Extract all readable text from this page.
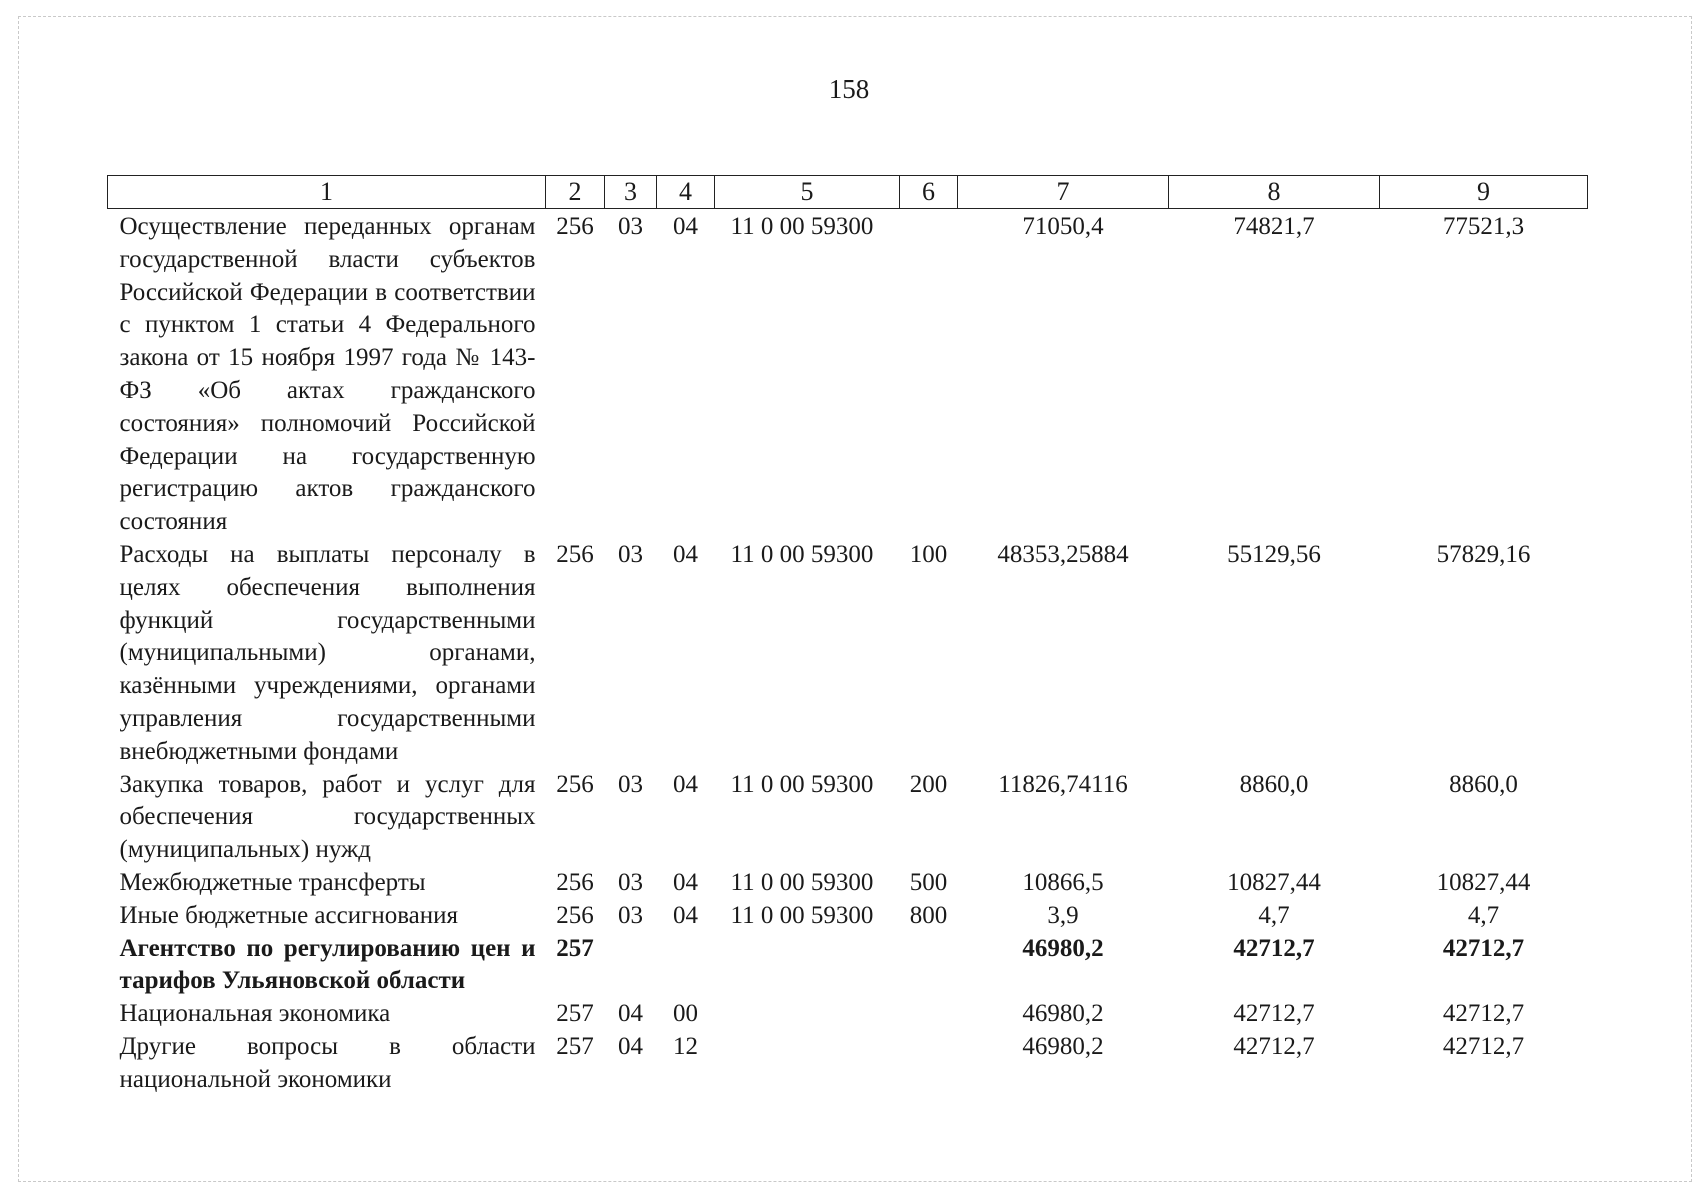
158
1	2	3	4	5	6	7	8	9
Осуществление переданных органам государственной власти субъектов Российской Федерации в соответствии с пунктом 1 статьи 4 Федерального закона от 15 ноября 1997 года № 143-ФЗ «Об актах гражданского состояния» полномочий Российской Федерации на государственную регистрацию актов гражданского состояния	256	03	04	11 0 00 59300		71050,4	74821,7	77521,3
Расходы на выплаты персоналу в целях обеспечения выполнения функций государственными (муниципальными) органами, казёнными учреждениями, органами управления государственными внебюджетными фондами	256	03	04	11 0 00 59300	100	48353,25884	55129,56	57829,16
Закупка товаров, работ и услуг для обеспечения государственных (муниципальных) нужд	256	03	04	11 0 00 59300	200	11826,74116	8860,0	8860,0
Межбюджетные трансферты	256	03	04	11 0 00 59300	500	10866,5	10827,44	10827,44
Иные бюджетные ассигнования	256	03	04	11 0 00 59300	800	3,9	4,7	4,7
Агентство по регулированию цен и тарифов Ульяновской области	257					46980,2	42712,7	42712,7
Национальная экономика	257	04	00			46980,2	42712,7	42712,7
Другие вопросы в области национальной экономики	257	04	12			46980,2	42712,7	42712,7
